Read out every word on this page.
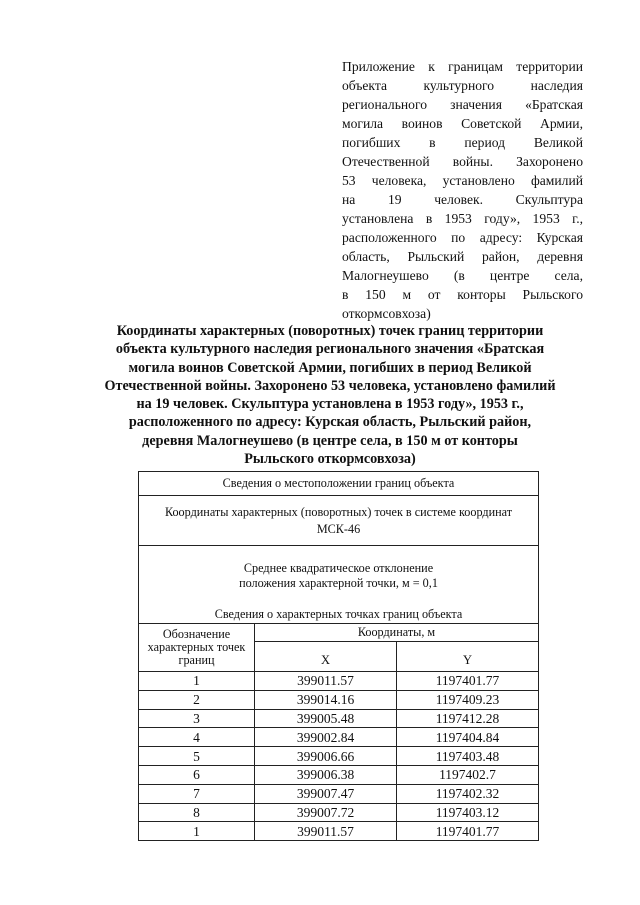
Приложение к границам территории
объекта культурного наследия
регионального значения «Братская
могила воинов Советской Армии,
погибших в период Великой
Отечественной войны. Захоронено
53 человека, установлено фамилий
на 19 человек. Скульптура
установлена в 1953 году», 1953 г.,
расположенного по адресу: Курская
область, Рыльский район, деревня
Малогнеушево (в центре села,
в 150 м от конторы Рыльского
откормсовхоза)

Координаты характерных (поворотных) точек границ территории
объекта культурного наследия регионального значения «Братская
могила воинов Советской Армии, погибших в период Великой
Отечественной войны. Захоронено 53 человека, установлено фамилий
на 19 человек. Скульптура установлена в 1953 году», 1953 г.,
расположенного по адресу: Курская область, Рыльский район,
деревня Малогнеушево (в центре села, в 150 м от конторы
Рыльского откормсовхоза)
Сведения о местоположении границ объекта		
Координаты характерных (поворотных) точек в системе координат
МСК-46		
Среднее квадратическое отклонение
положения характерной точки, м = 0,1		
Сведения о характерных точках границ объекта		
Обозначение
характерных точек
границ	Координаты, м	
	X	Y
1	399011.57	1197401.77
2	399014.16	1197409.23
3	399005.48	1197412.28
4	399002.84	1197404.84
5	399006.66	1197403.48
6	399006.38	1197402.7
7	399007.47	1197402.32
8	399007.72	1197403.12
1	399011.57	1197401.77
